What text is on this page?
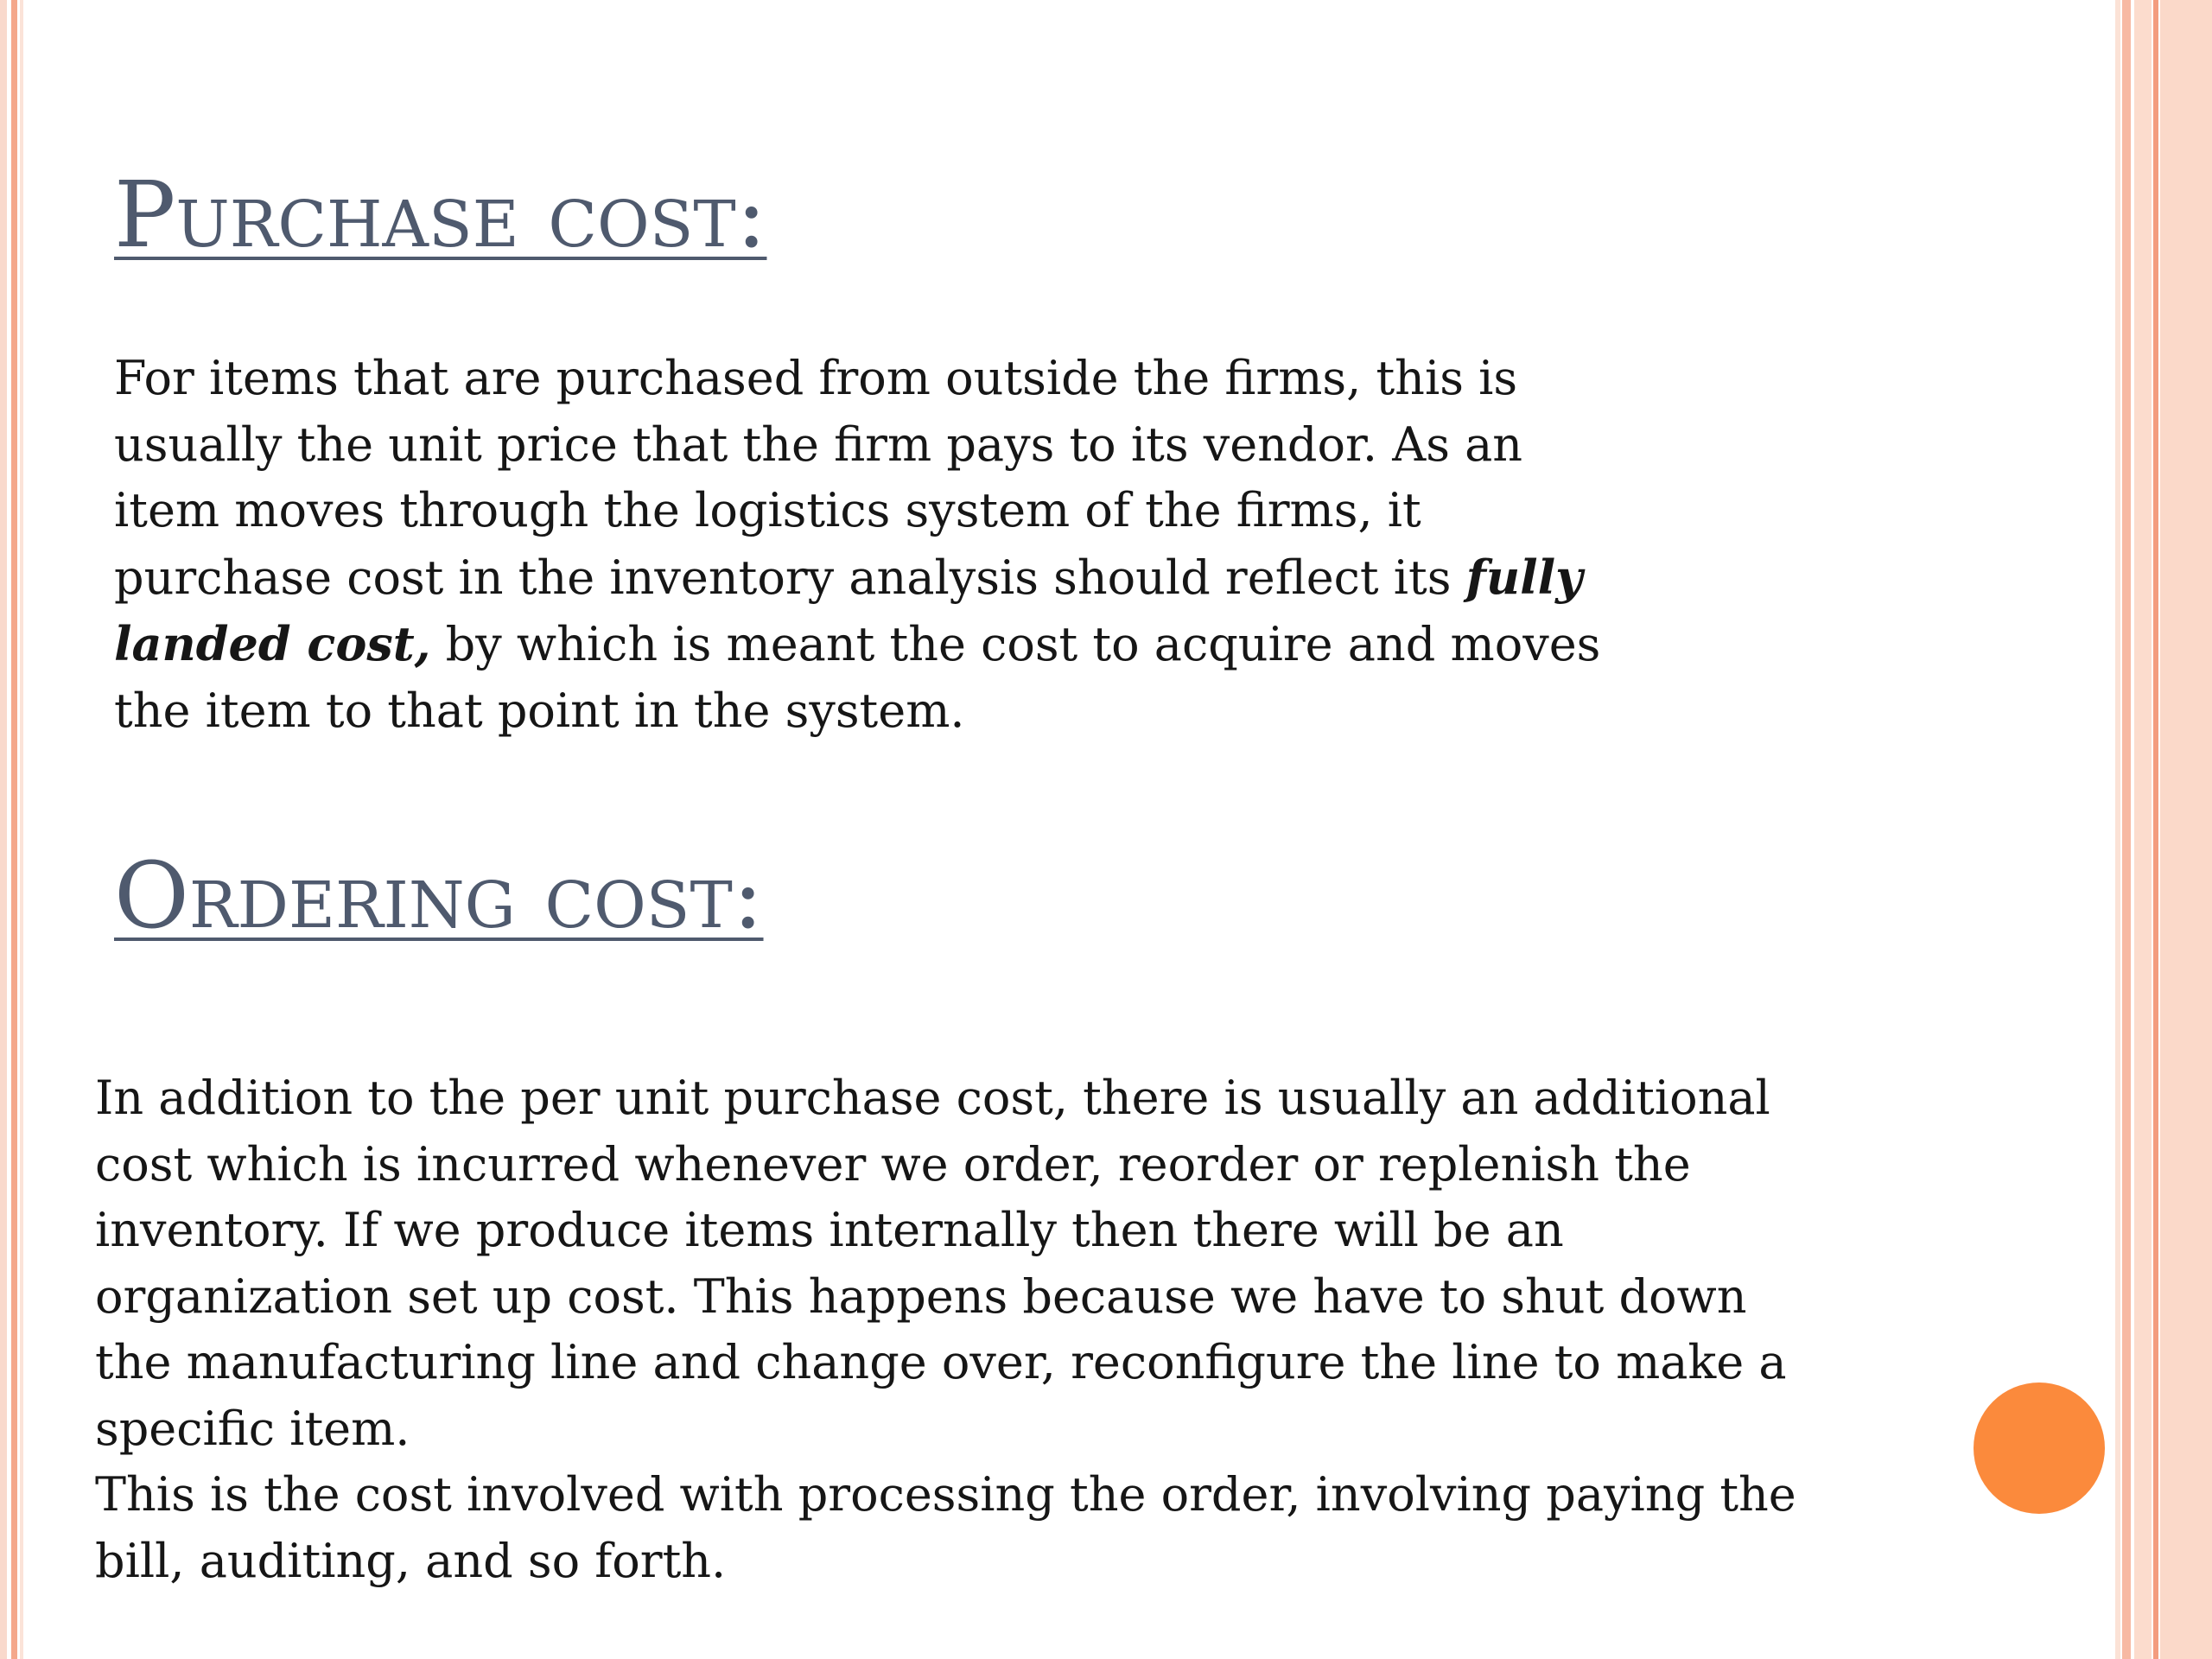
Purchase cost:
For items that are purchased from outside the firms, this is
usually the unit price that the firm pays to its vendor. As an
item moves through the logistics system of the firms, it
purchase cost in the inventory analysis should reflect its fully
landed cost, by which is meant the cost to acquire and moves
the item to that point in the system.
Ordering cost:
In addition to the per unit purchase cost, there is usually an additional
cost which is incurred whenever we order, reorder or replenish the
inventory. If we produce items internally then there will be an
organization set up cost. This happens because we have to shut down
the manufacturing line and change over, reconfigure the line to make a
specific item.
This is the cost involved with processing the order, involving paying the
bill, auditing, and so forth.
